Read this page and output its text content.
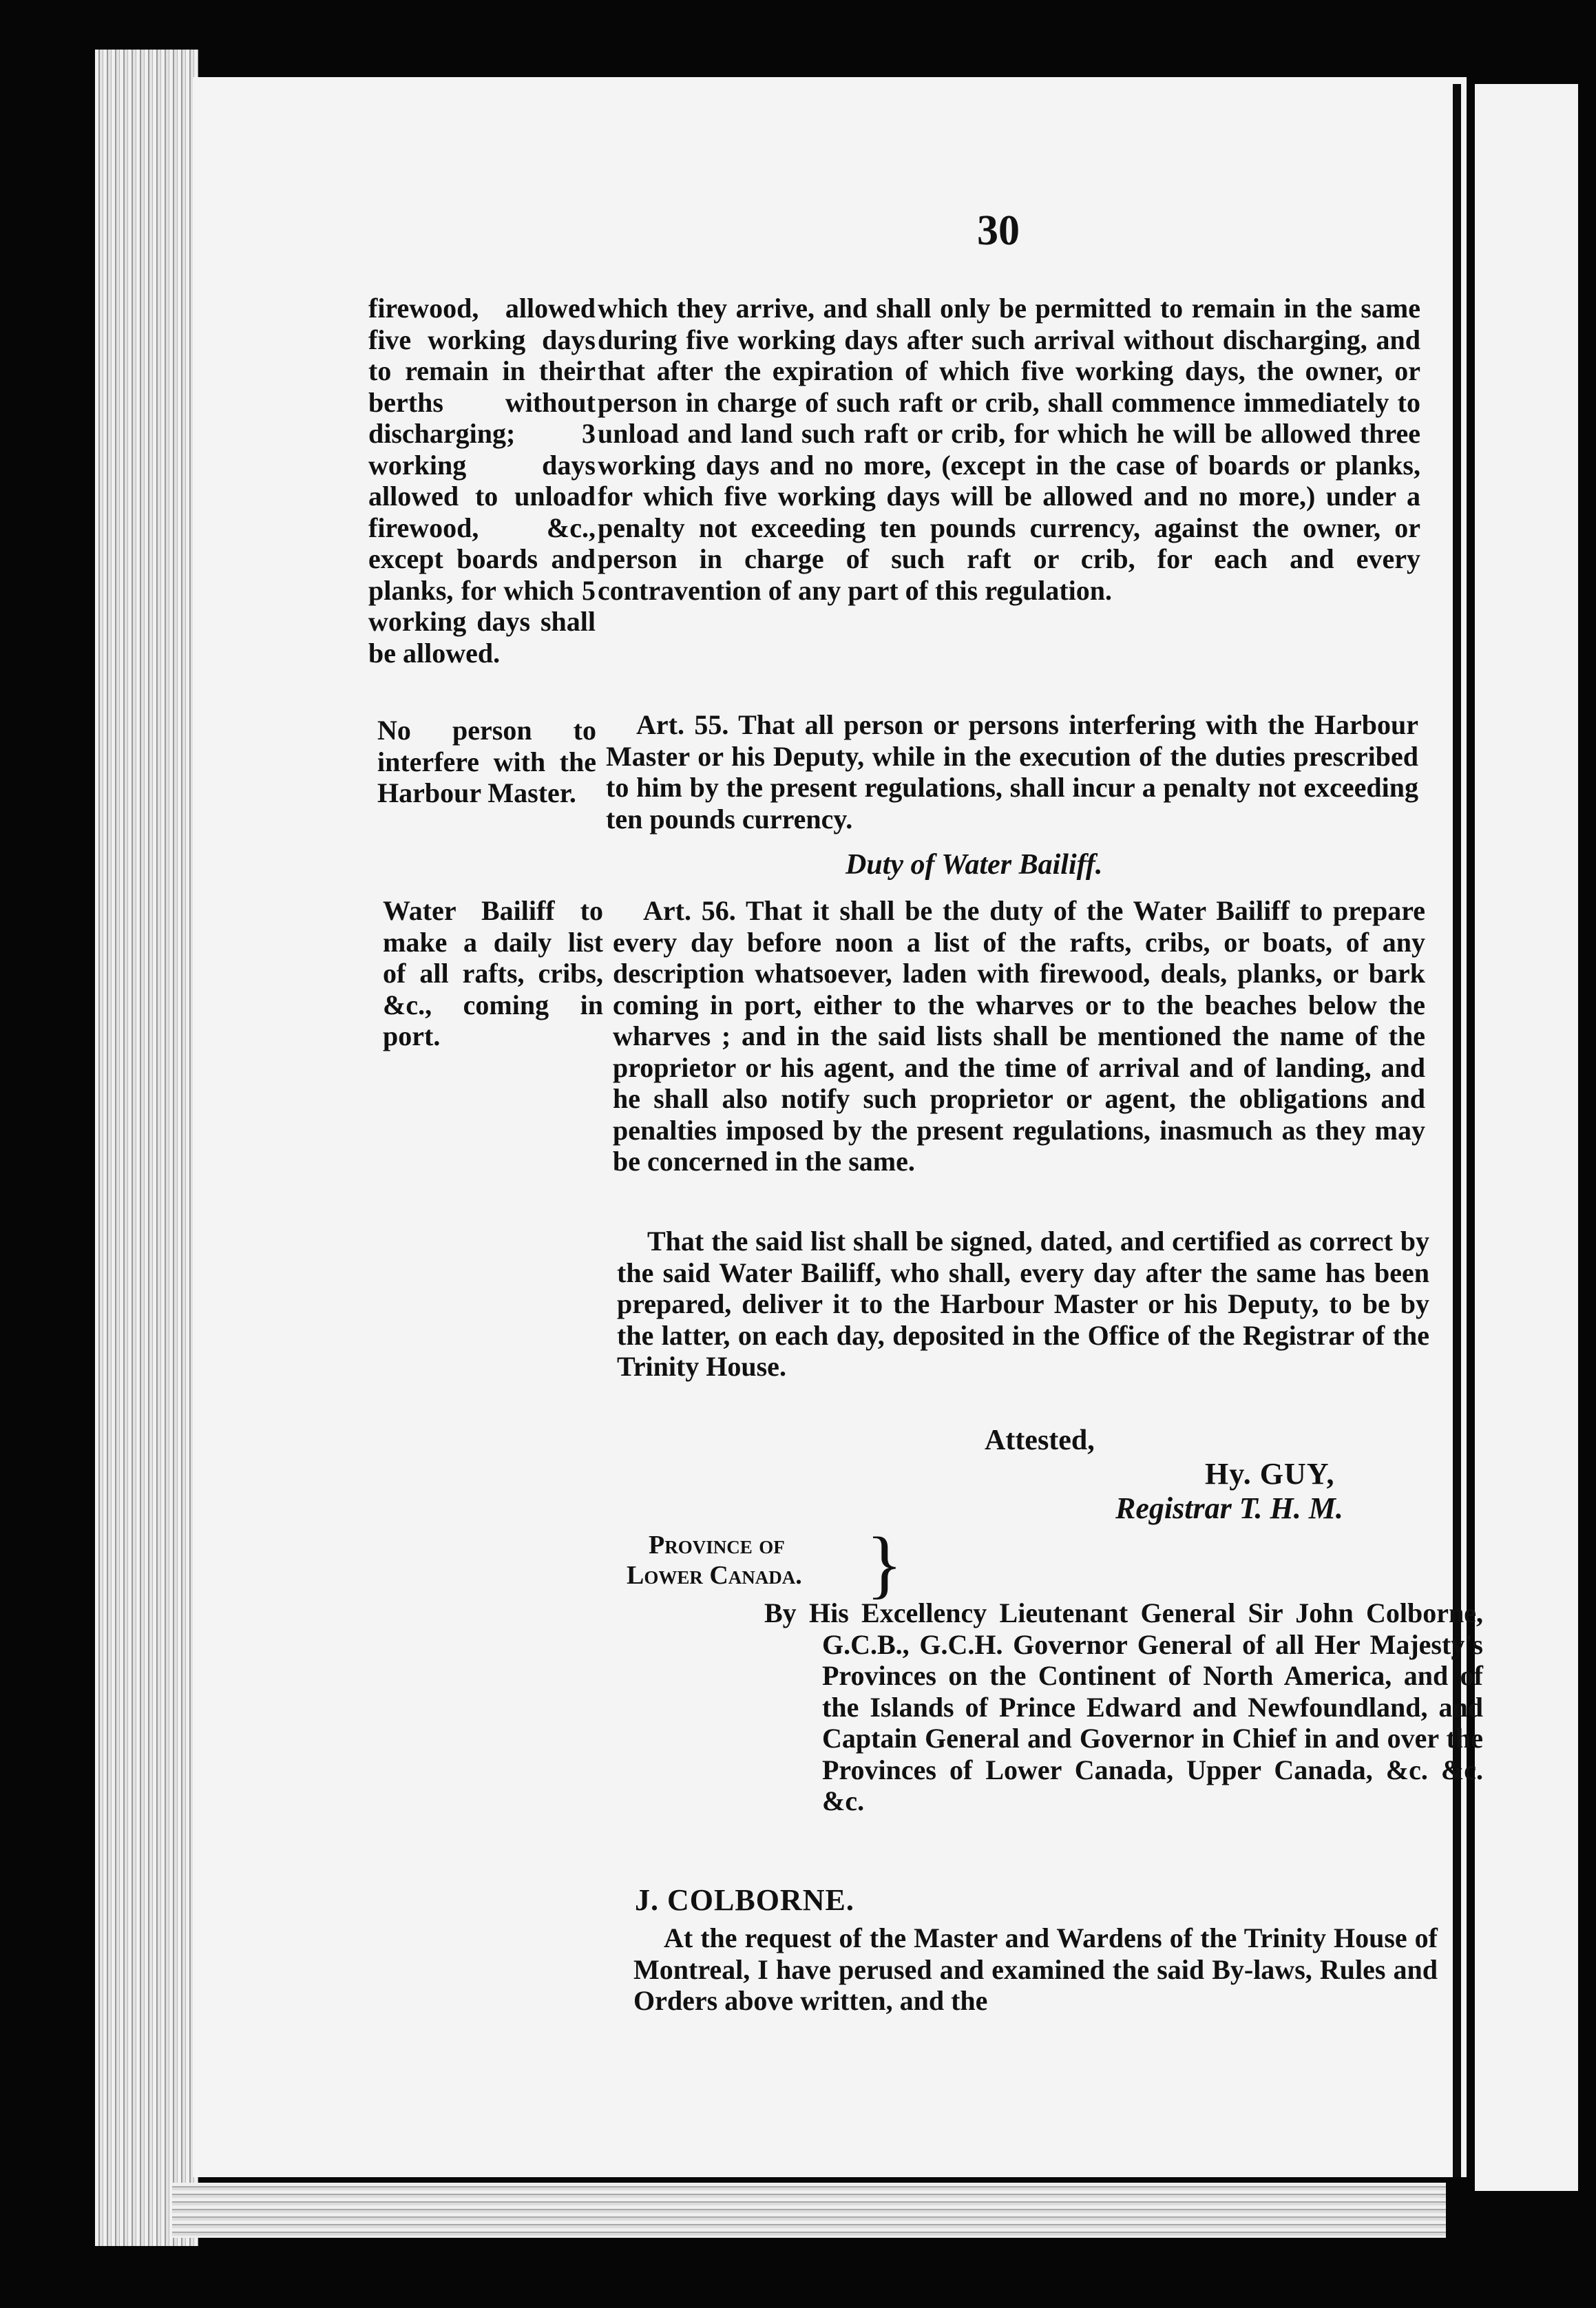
30
firewood, allowed five working days to remain in their berths without discharging; 3 working days allowed to unload firewood, &c., except boards and planks, for which 5 working days shall be allowed.
No person to interfere with the Harbour Master.
Water Bailiff to make a daily list of all rafts, cribs, &c., coming in port.
which they arrive, and shall only be permitted to remain in the same during five working days after such arrival without discharging, and that after the expiration of which five working days, the owner, or person in charge of such raft or crib, shall commence immediately to unload and land such raft or crib, for which he will be allowed three working days and no more, (except in the case of boards or planks, for which five working days will be allowed and no more,) under a penalty not exceeding ten pounds currency, against the owner, or person in charge of such raft or crib, for each and every contravention of any part of this regulation.
Art. 55. That all person or persons interfering with the Harbour Master or his Deputy, while in the execution of the duties prescribed to him by the present regulations, shall incur a penalty not exceeding ten pounds currency.
Duty of Water Bailiff.
Art. 56. That it shall be the duty of the Water Bailiff to prepare every day before noon a list of the rafts, cribs, or boats, of any description whatsoever, laden with firewood, deals, planks, or bark coming in port, either to the wharves or to the beaches below the wharves ; and in the said lists shall be mentioned the name of the proprietor or his agent, and the time of arrival and of landing, and he shall also notify such proprietor or agent, the obligations and penalties imposed by the present regulations, inasmuch as they may be concerned in the same.
That the said list shall be signed, dated, and certified as correct by the said Water Bailiff, who shall, every day after the same has been prepared, deliver it to the Harbour Master or his Deputy, to be by the latter, on each day, deposited in the Office of the Registrar of the Trinity House.
Attested,
Hy. GUY,
Registrar T. H. M.
Province of
Lower Canada. }
By His Excellency Lieutenant General Sir John Colborne, G.C.B., G.C.H. Governor General of all Her Majesty's Provinces on the Continent of North America, and of the Islands of Prince Edward and Newfoundland, and Captain General and Governor in Chief in and over the Provinces of Lower Canada, Upper Canada, &c. &c. &c.
J. COLBORNE.
At the request of the Master and Wardens of the Trinity House of Montreal, I have perused and examined the said By-laws, Rules and Orders above written, and the
